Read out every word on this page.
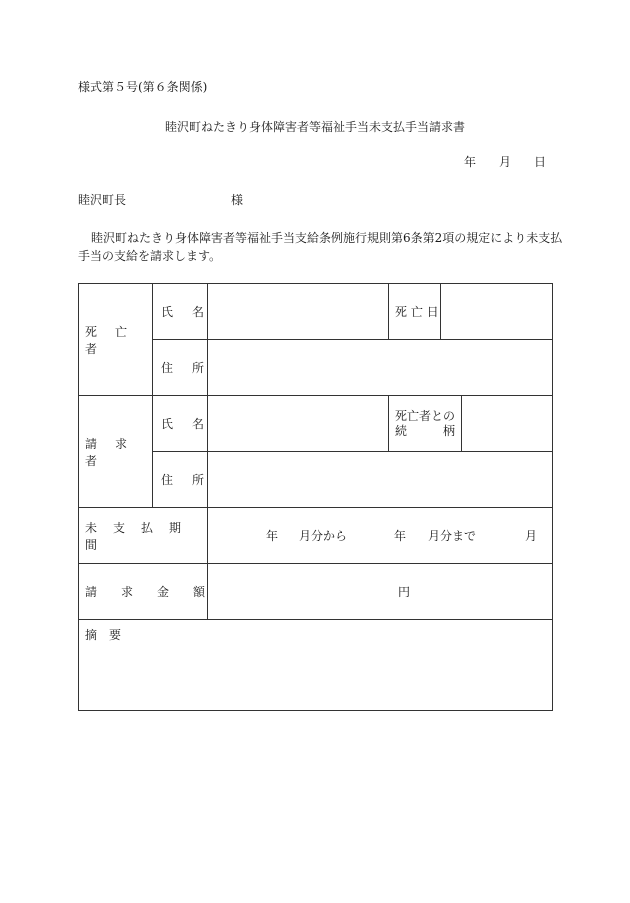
様式第５号(第６条関係)
睦沢町ねたきり身体障害者等福祉手当未支払手当請求書
年 月 日
睦沢町長	様
睦沢町ねたきり身体障害者等福祉手当支給条例施行規則第6条第2項の規定により未支払
手当の支給を請求します。
死 亡者	氏 名		死 亡 日		
	住 所				
請 求者	氏 名		死亡者との
続 柄		

	住 所				
未 支 払 期間		年 月分から 年 月分まで 月			

請 求 金 額		円			

摘　要					
